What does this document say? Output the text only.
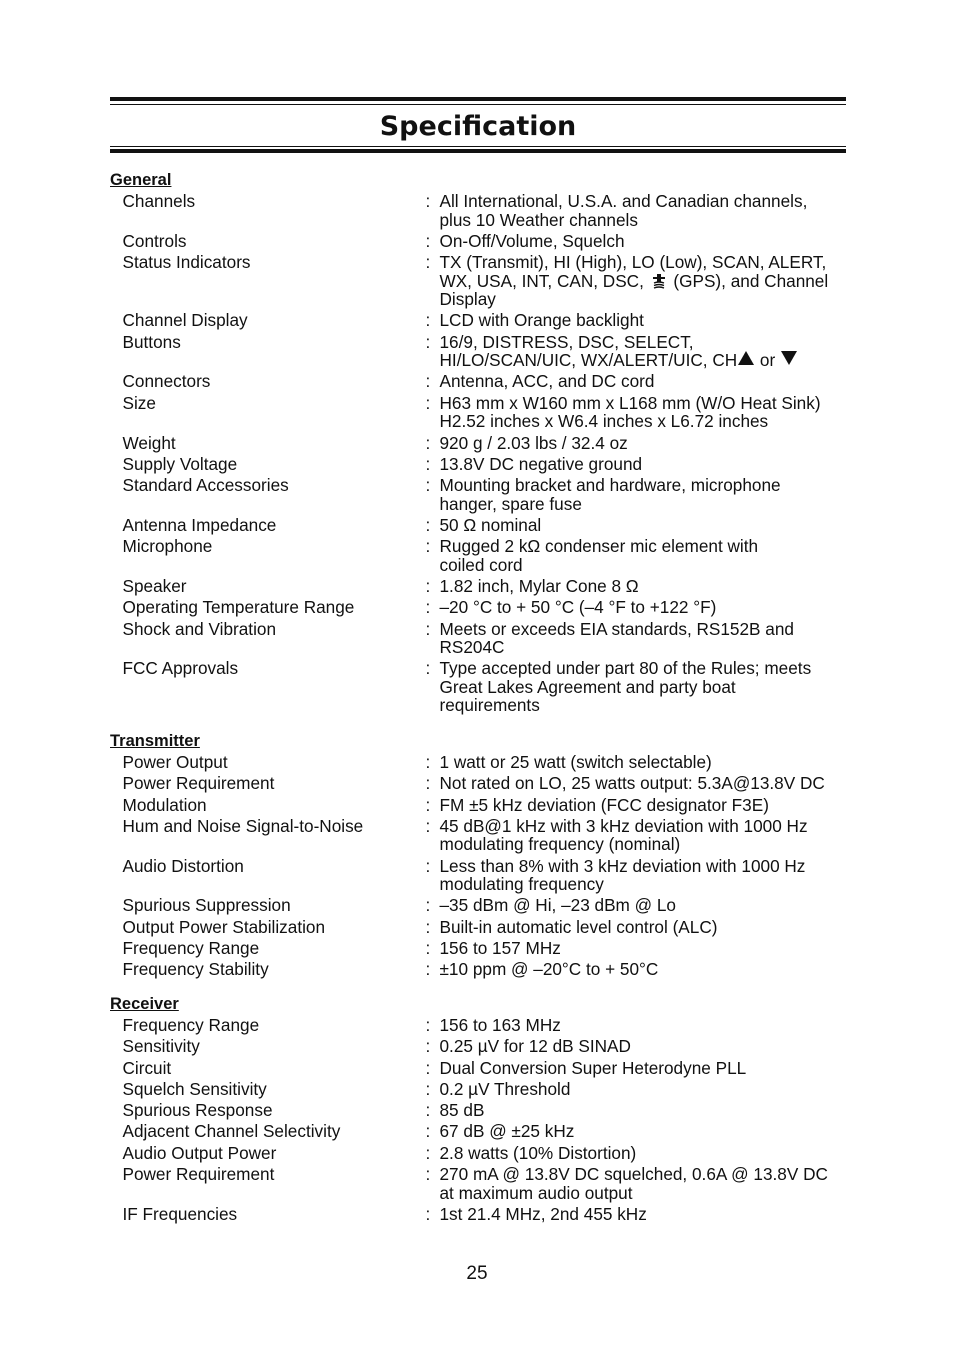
Specification
General
Channels	: All International, U.S.A. and Canadian channels,
plus 10 Weather channels
Controls	: On-Off/Volume, Squelch
Status Indicators	: TX (Transmit), HI (High), LO (Low), SCAN, ALERT,
WX, USA, INT, CAN, DSC,
(GPS), and Channel
Display
Channel Display	: LCD with Orange backlight
Buttons	: 16/9, DISTRESS, DSC, SELECT,
HI/LO/SCAN/UIC, WX/ALERT/UIC, CH or
Connectors	: Antenna, ACC, and DC cord
Size	: H63 mm x W160 mm x L168 mm (W/O Heat Sink)
H2.52 inches x W6.4 inches x L6.72 inches
Weight	: 920 g / 2.03 lbs / 32.4 oz
Supply Voltage	: 13.8V DC negative ground
Standard Accessories	: Mounting bracket and hardware, microphone
hanger, spare fuse
Antenna Impedance	: 50 Ω nominal
Microphone	: Rugged 2 kΩ condenser mic element with
coiled cord
Speaker	: 1.82 inch, Mylar Cone 8 Ω
Operating Temperature Range	: –20 °C to + 50 °C (–4 °F to +122 °F)
Shock and Vibration	: Meets or exceeds EIA standards, RS152B and
RS204C
FCC Approvals	: Type accepted under part 80 of the Rules; meets
Great Lakes Agreement and party boat
requirements
Transmitter
Power Output	: 1 watt or 25 watt (switch selectable)
Power Requirement	: Not rated on LO, 25 watts output: 5.3A@13.8V DC
Modulation	: FM ±5 kHz deviation (FCC designator F3E)
Hum and Noise Signal-to-Noise	: 45 dB@1 kHz with 3 kHz deviation with 1000 Hz
modulating frequency (nominal)
Audio Distortion	: Less than 8% with 3 kHz deviation with 1000 Hz
modulating frequency
Spurious Suppression	: –35 dBm @ Hi, –23 dBm @ Lo
Output Power Stabilization	: Built-in automatic level control (ALC)
Frequency Range	: 156 to 157 MHz
Frequency Stability	: ±10 ppm @ –20°C to + 50°C
Receiver
Frequency Range	: 156 to 163 MHz
Sensitivity	: 0.25 µV for 12 dB SINAD
Circuit	: Dual Conversion Super Heterodyne PLL
Squelch Sensitivity	: 0.2 µV Threshold
Spurious Response	: 85 dB
Adjacent Channel Selectivity	: 67 dB @ ±25 kHz
Audio Output Power	: 2.8 watts (10% Distortion)
Power Requirement	: 270 mA @ 13.8V DC squelched, 0.6A @ 13.8V DC
at maximum audio output
IF Frequencies	: 1st 21.4 MHz, 2nd 455 kHz
25
